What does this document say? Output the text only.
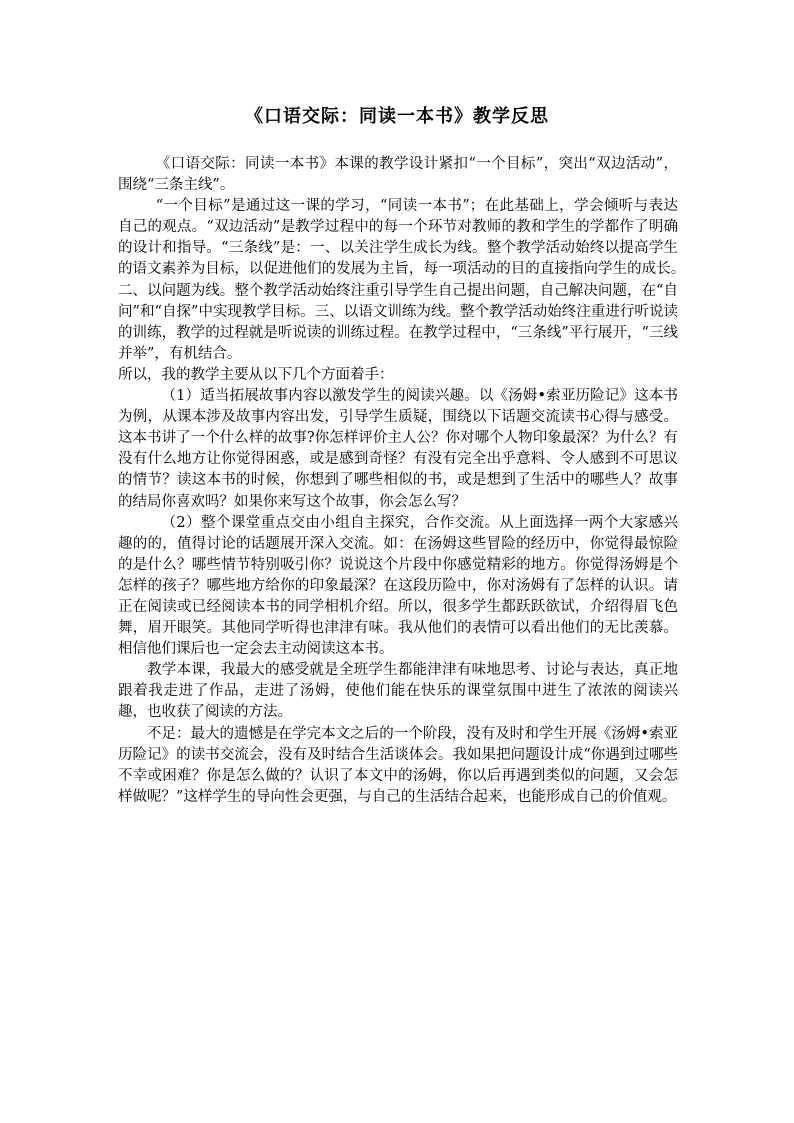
《口语交际：同读一本书》教学反思

《口语交际：同读一本书》本课的教学设计紧扣“一个目标”，突出“双边活动”，围绕“三条主线”。

“一个目标”是通过这一课的学习，“同读一本书”；在此基础上，学会倾听与表达自己的观点。“双边活动”是教学过程中的每一个环节对教师的教和学生的学都作了明确的设计和指导。“三条线”是：一、以关注学生成长为线。整个教学活动始终以提高学生的语文素养为目标，以促进他们的发展为主旨，每一项活动的目的直接指向学生的成长。　　　二、以问题为线。整个教学活动始终注重引导学生自己提出问题，自己解决问题，在“自问”和“自探”中实现教学目标。三、以语文训练为线。整个教学活动始终注重进行听说读的训练，教学的过程就是听说读的训练过程。在教学过程中，“三条线”平行展开，“三线并举”，有机结合。

所以，我的教学主要从以下几个方面着手：

（1）适当拓展故事内容以激发学生的阅读兴趣。以《汤姆•索亚历险记》这本书为例，从课本涉及故事内容出发，引导学生质疑，围绕以下话题交流读书心得与感受。这本书讲了一个什么样的故事?你怎样评价主人公？你对哪个人物印象最深？为什么？有没有什么地方让你觉得困惑，或是感到奇怪？有没有完全出乎意料、令人感到不可思议的情节？读这本书的时候，你想到了哪些相似的书，或是想到了生活中的哪些人？故事的结局你喜欢吗？如果你来写这个故事，你会怎么写？

（2）整个课堂重点交由小组自主探究，合作交流。从上面选择一两个大家感兴趣的的，值得讨论的话题展开深入交流。如：在汤姆这些冒险的经历中，你觉得最惊险的是什么？哪些情节特别吸引你？说说这个片段中你感觉精彩的地方。你觉得汤姆是个怎样的孩子？哪些地方给你的印象最深？在这段历险中，你对汤姆有了怎样的认识。请正在阅读或已经阅读本书的同学相机介绍。所以，很多学生都跃跃欲试，介绍得眉飞色舞，眉开眼笑。其他同学听得也津津有味。我从他们的表情可以看出他们的无比羡慕。相信他们课后也一定会去主动阅读这本书。

教学本课，我最大的感受就是全班学生都能津津有味地思考、讨论与表达，真正地跟着我走进了作品，走进了汤姆，使他们能在快乐的课堂氛围中进生了浓浓的阅读兴趣，也收获了阅读的方法。

不足：最大的遗憾是在学完本文之后的一个阶段，没有及时和学生开展《汤姆•索亚历险记》的读书交流会，没有及时结合生活谈体会。我如果把问题设计成“你遇到过哪些不幸或困难？你是怎么做的？认识了本文中的汤姆，你以后再遇到类似的问题，又会怎样做呢？”这样学生的导向性会更强，与自己的生活结合起来，也能形成自己的价值观。
